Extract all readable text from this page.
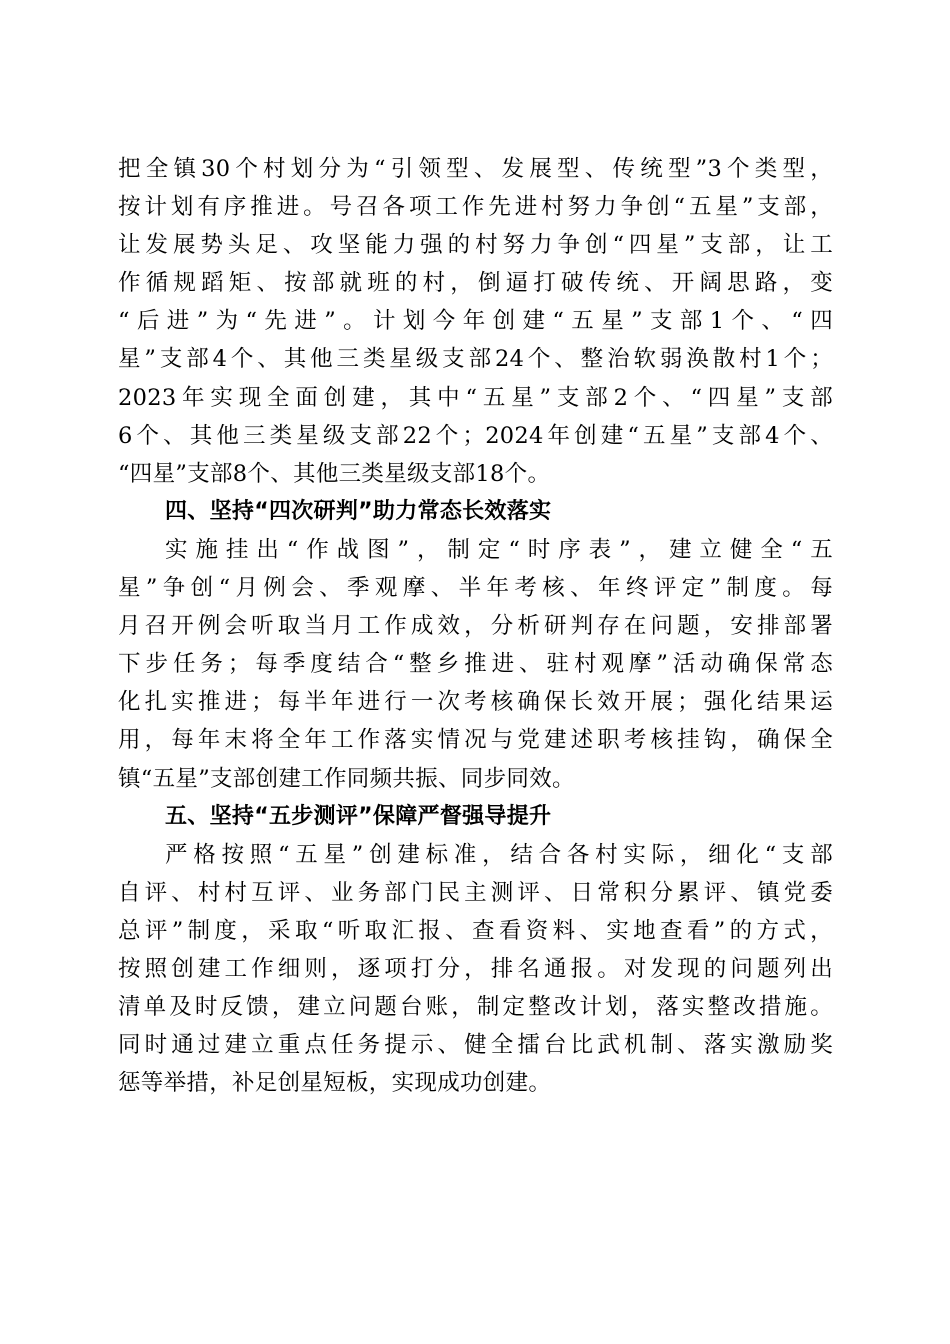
把全镇30个村划分为“引领型、发展型、传统型”3个类型，
按计划有序推进。号召各项工作先进村努力争创“五星”支部，
让发展势头足、攻坚能力强的村努力争创“四星”支部，让工
作循规蹈矩、按部就班的村，倒逼打破传统、开阔思路，变
“后进”为“先进”。计划今年创建“五星”支部1个、“四
星”支部4个、其他三类星级支部24个、整治软弱涣散村1个；
2023年实现全面创建，其中“五星”支部2个、“四星”支部
6个、其他三类星级支部22个；2024年创建“五星”支部4个、
“四星”支部8个、其他三类星级支部18个。
四、坚持“四次研判”助力常态长效落实
实施挂出“作战图”，制定“时序表”，建立健全“五
星”争创“月例会、季观摩、半年考核、年终评定”制度。每
月召开例会听取当月工作成效，分析研判存在问题，安排部署
下步任务；每季度结合“整乡推进、驻村观摩”活动确保常态
化扎实推进；每半年进行一次考核确保长效开展；强化结果运
用，每年末将全年工作落实情况与党建述职考核挂钩，确保全
镇“五星”支部创建工作同频共振、同步同效。
五、坚持“五步测评”保障严督强导提升
严格按照“五星”创建标准，结合各村实际，细化“支部
自评、村村互评、业务部门民主测评、日常积分累评、镇党委
总评”制度，采取“听取汇报、查看资料、实地查看”的方式，
按照创建工作细则，逐项打分，排名通报。对发现的问题列出
清单及时反馈，建立问题台账，制定整改计划，落实整改措施。
同时通过建立重点任务提示、健全擂台比武机制、落实激励奖
惩等举措，补足创星短板，实现成功创建。
